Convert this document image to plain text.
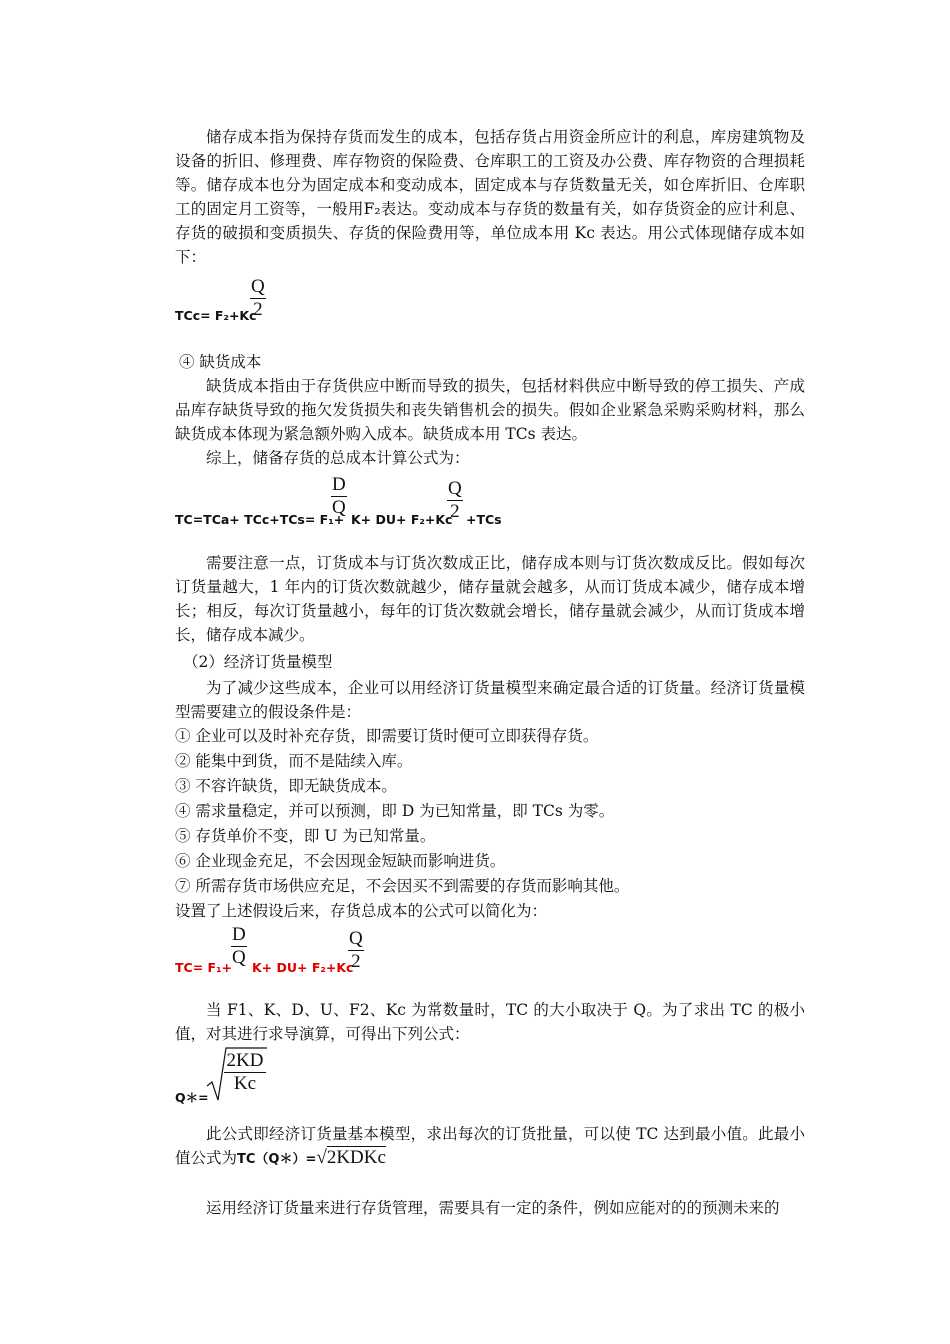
储存成本指为保持存货而发生的成本，包括存货占用资金所应计的利息，库房建筑物及设备的折旧、修理费、库存物资的保险费、仓库职工的工资及办公费、库存物资的合理损耗等。储存成本也分为固定成本和变动成本，固定成本与存货数量无关，如仓库折旧、仓库职工的固定月工资等，一般用F₂表达。变动成本与存货的数量有关，如存货资金的应计利息、存货的破损和变质损失、存货的保险费用等，单位成本用 Kc 表达。用公式体现储存成本如下：

TCc= F₂+Kc
$\frac{Q}{2}$

④ 缺货成本

缺货成本指由于存货供应中断而导致的损失，包括材料供应中断导致的停工损失、产成品库存缺货导致的拖欠发货损失和丧失销售机会的损失。假如企业紧急采购采购材料，那么缺货成本体现为紧急额外购入成本。缺货成本用 TCs 表达。

综上，储备存货的总成本计算公式为：

TC=TCa+ TCc+TCs= F₁+
$\frac{D}{Q}$
K+ DU+ F₂+Kc
$\frac{Q}{2} +TCs$

需要注意一点，订货成本与订货次数成正比，储存成本则与订货次数成反比。假如每次订货量越大，1 年内的订货次数就越少，储存量就会越多，从而订货成本减少，储存成本增长；相反，每次订货量越小，每年的订货次数就会增长，储存量就会减少，从而订货成本增长，储存成本减少。

（2）经济订货量模型

为了减少这些成本，企业可以用经济订货量模型来确定最合适的订货量。经济订货量模型需要建立的假设条件是：

① 企业可以及时补充存货，即需要订货时便可立即获得存货。

② 能集中到货，而不是陆续入库。

③ 不容许缺货，即无缺货成本。

④ 需求量稳定，并可以预测，即 D 为已知常量，即 TCs 为零。

⑤ 存货单价不变，即 U 为已知常量。

⑥ 企业现金充足，不会因现金短缺而影响进货。

⑦ 所需存货市场供应充足，不会因买不到需要的存货而影响其他。

设置了上述假设后来，存货总成本的公式可以简化为：

TC= F₁+
$\frac{D}{Q} K+ DU+ F_2+Kc$
$\frac{Q}{2}$

当 F1、K、D、U、F2、Kc 为常数量时，TC 的大小取决于 Q。为了求出 TC 的极小值，对其进行求导演算，可得出下列公式：

Q＊=
$\frac{2KD}{Kc}$
此公式即经济订货量基本模型，求出每次的订货批量，可以使 TC 达到最小值。此最小值公式为TC（Q＊）=√2KDKc

运用经济订货量来进行存货管理，需要具有一定的条件，例如应能对的的预测未来的
